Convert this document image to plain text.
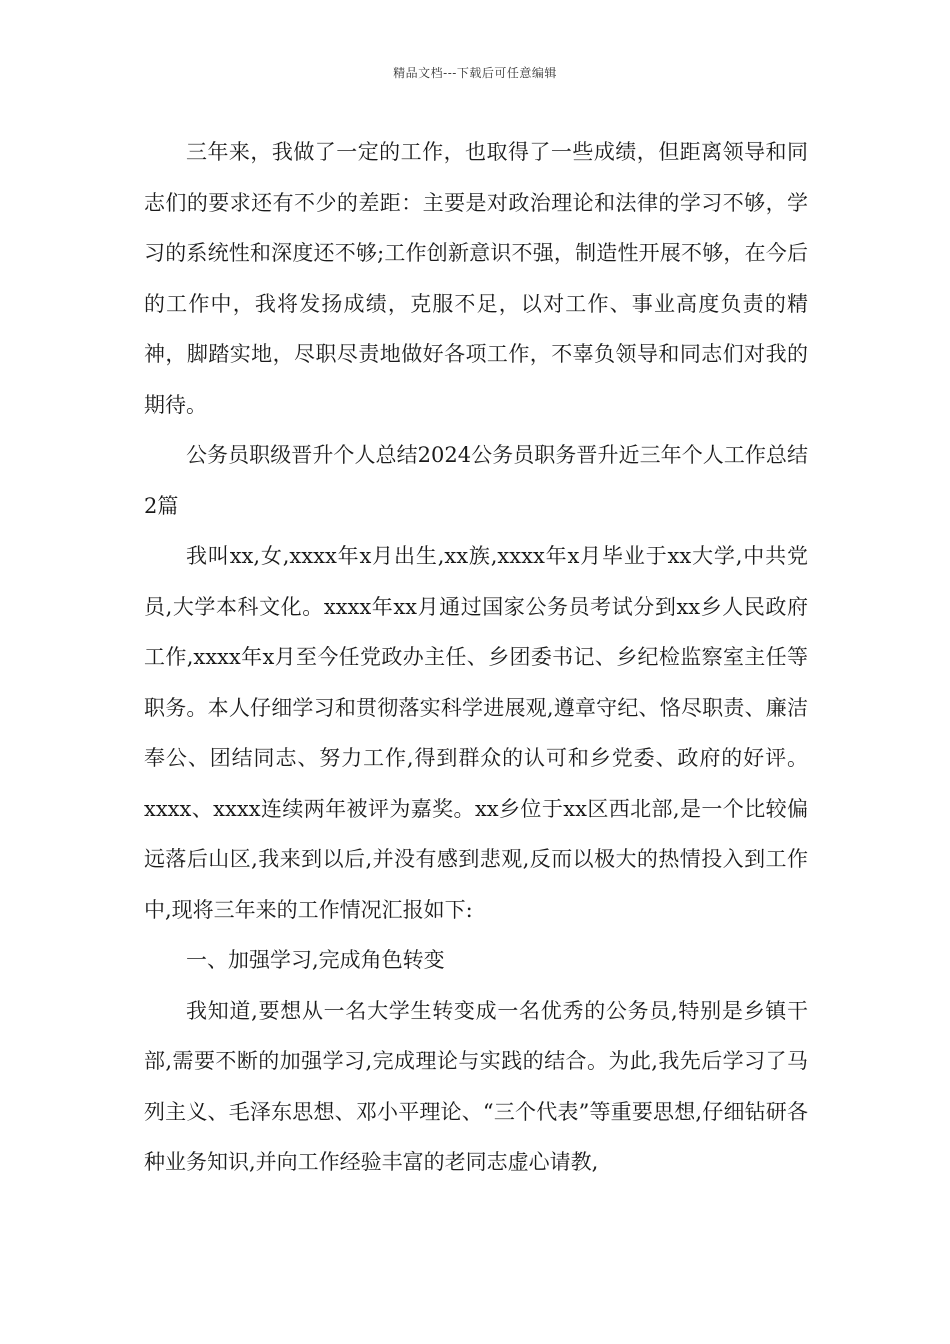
精品文档---下载后可任意编辑

三年来，我做了一定的工作，也取得了一些成绩，但距离领导和同志们的要求还有不少的差距：主要是对政治理论和法律的学习不够，学习的系统性和深度还不够;工作创新意识不强，制造性开展不够，在今后的工作中，我将发扬成绩，克服不足，以对工作、事业高度负责的精神，脚踏实地，尽职尽责地做好各项工作，不辜负领导和同志们对我的期待。

公务员职级晋升个人总结2024公务员职务晋升近三年个人工作总结2篇

我叫xx,女,xxxx年x月出生,xx族,xxxx年x月毕业于xx大学,中共党员,大学本科文化。xxxx年xx月通过国家公务员考试分到xx乡人民政府工作,xxxx年x月至今任党政办主任、乡团委书记、乡纪检监察室主任等职务。本人仔细学习和贯彻落实科学进展观,遵章守纪、恪尽职责、廉洁奉公、团结同志、努力工作,得到群众的认可和乡党委、政府的好评。xxxx、xxxx连续两年被评为嘉奖。xx乡位于xx区西北部,是一个比较偏远落后山区,我来到以后,并没有感到悲观,反而以极大的热情投入到工作中,现将三年来的工作情况汇报如下:

一、加强学习,完成角色转变

我知道,要想从一名大学生转变成一名优秀的公务员,特别是乡镇干部,需要不断的加强学习,完成理论与实践的结合。为此,我先后学习了马列主义、毛泽东思想、邓小平理论、“三个代表”等重要思想,仔细钻研各种业务知识,并向工作经验丰富的老同志虚心请教,
